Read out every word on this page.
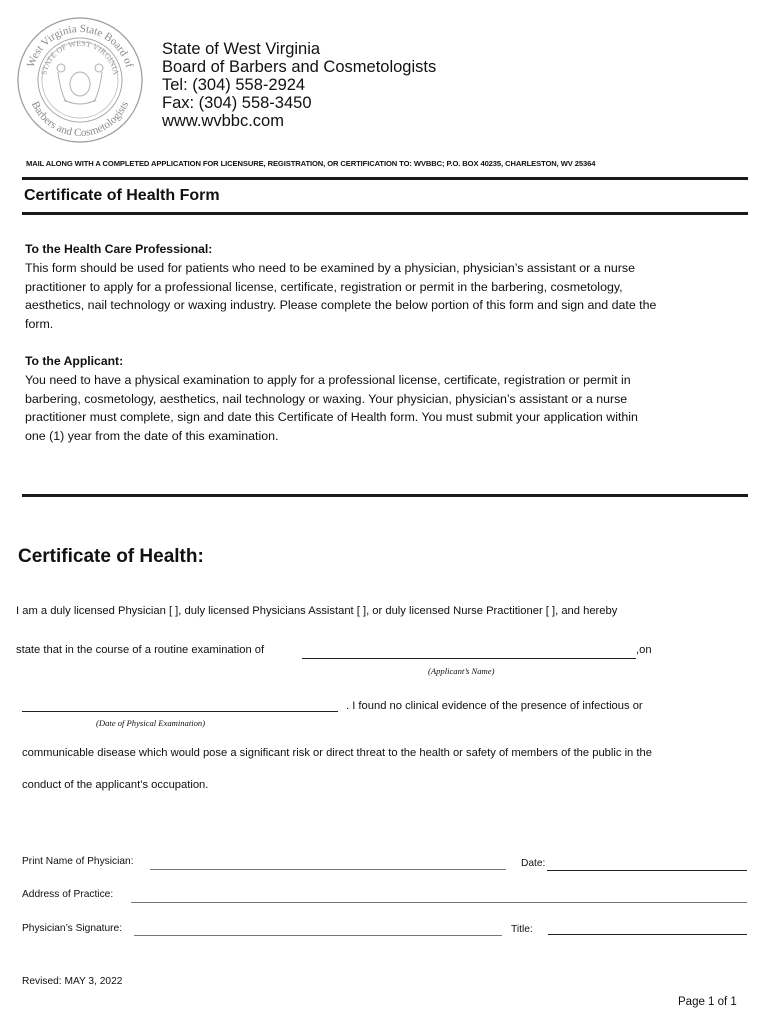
West Virginia State Board of
STATE OF WEST VIRGINIA
Barbers and Cosmetologists
State of West Virginia
Board of Barbers and Cosmetologists
Tel: (304) 558-2924
Fax: (304) 558-3450
www.wvbbc.com
MAIL ALONG WITH A COMPLETED APPLICATION FOR LICENSURE, REGISTRATION, OR CERTIFICATION TO: WVBBC; P.O. BOX 40235, CHARLESTON, WV 25364
Certificate of Health Form
To the Health Care Professional:
This form should be used for patients who need to be examined by a physician, physician’s assistant or a nurse
practitioner to apply for a professional license, certificate, registration or permit in the barbering, cosmetology,
aesthetics, nail technology or waxing industry. Please complete the below portion of this form and sign and date the
form.
To the Applicant:
You need to have a physical examination to apply for a professional license, certificate, registration or permit in
barbering, cosmetology, aesthetics, nail technology or waxing. Your physician, physician’s assistant or a nurse
practitioner must complete, sign and date this Certificate of Health form. You must submit your application within
one (1) year from the date of this examination.
Certificate of Health:
I am a duly licensed Physician [ ], duly licensed Physicians Assistant [ ], or duly licensed Nurse Practitioner [ ], and hereby
state that in the course of a routine examination of	,on
(Applicant’s Name)
. I found no clinical evidence of the presence of infectious or
(Date of Physical Examination)
communicable disease which would pose a significant risk or direct threat to the health or safety of members of the public in the
conduct of the applicant’s occupation.
Print Name of Physician:	Date:
Address of Practice:
Physician’s Signature:	Title:
Revised: MAY 3, 2022
Page 1 of 1
